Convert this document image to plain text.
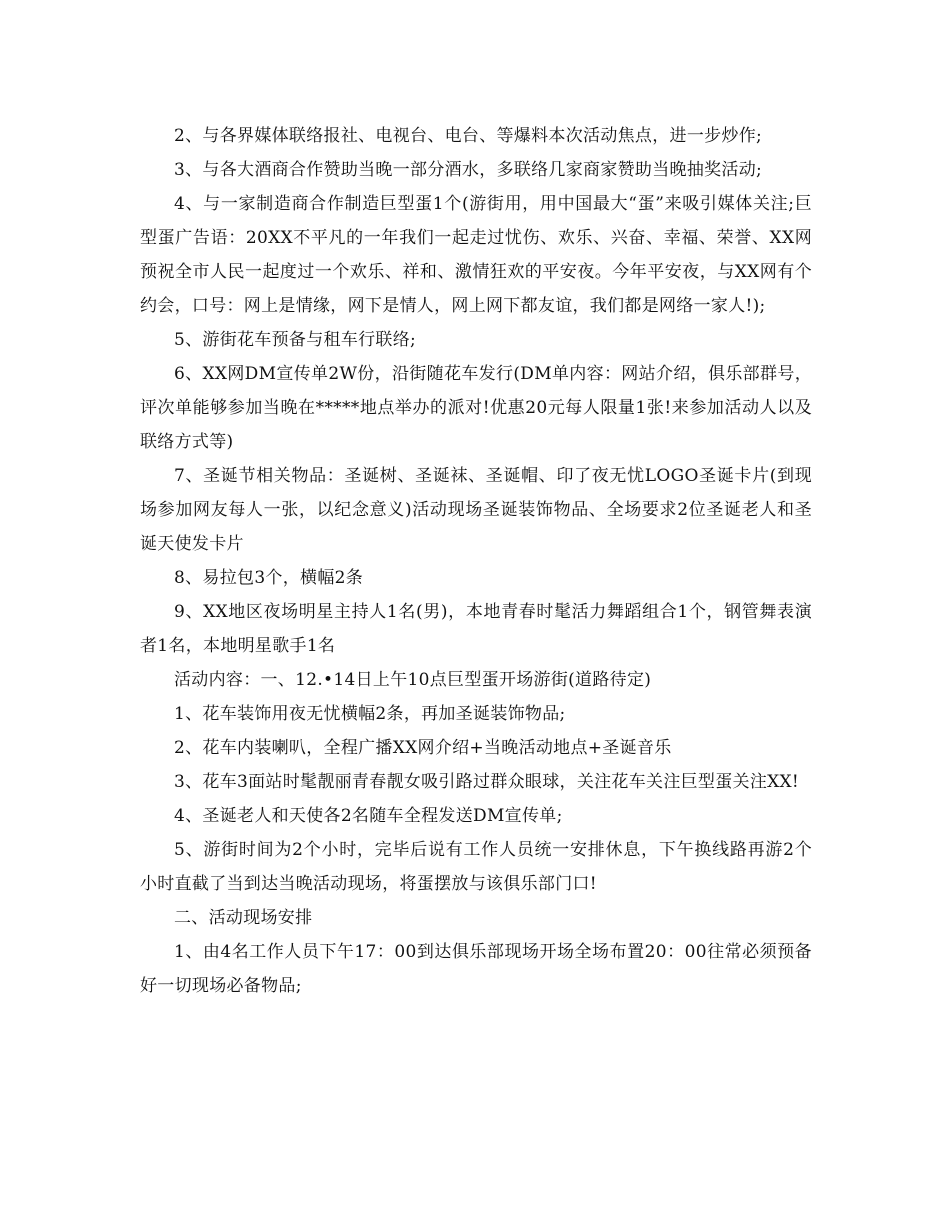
2、与各界媒体联络报社、电视台、电台、等爆料本次活动焦点，进一步炒作;

3、与各大酒商合作赞助当晚一部分酒水，多联络几家商家赞助当晚抽奖活动;

4、与一家制造商合作制造巨型蛋1个(游街用，用中国最大“蛋”来吸引媒体关注;巨型蛋广告语：20XX不平凡的一年我们一起走过忧伤、欢乐、兴奋、幸福、荣誉、XX网预祝全市人民一起度过一个欢乐、祥和、激情狂欢的平安夜。今年平安夜，与XX网有个约会，口号：网上是情缘，网下是情人，网上网下都友谊，我们都是网络一家人!);

5、游街花车预备与租车行联络;

6、XX网DM宣传单2W份，沿街随花车发行(DM单内容：网站介绍，俱乐部群号，评次单能够参加当晚在*****地点举办的派对!优惠20元每人限量1张!来参加活动人以及联络方式等)

7、圣诞节相关物品：圣诞树、圣诞袜、圣诞帽、印了夜无忧LOGO圣诞卡片(到现场参加网友每人一张，以纪念意义)活动现场圣诞装饰物品、全场要求2位圣诞老人和圣诞天使发卡片

8、易拉包3个，横幅2条

9、XX地区夜场明星主持人1名(男)，本地青春时髦活力舞蹈组合1个，钢管舞表演者1名，本地明星歌手1名

活动内容：一、12.•14日上午10点巨型蛋开场游街(道路待定)

1、花车装饰用夜无忧横幅2条，再加圣诞装饰物品;

2、花车内装喇叭，全程广播XX网介绍+当晚活动地点+圣诞音乐

3、花车3面站时髦靓丽青春靓女吸引路过群众眼球，关注花车关注巨型蛋关注XX!

4、圣诞老人和天使各2名随车全程发送DM宣传单;

5、游街时间为2个小时，完毕后说有工作人员统一安排休息，下午换线路再游2个小时直截了当到达当晚活动现场，将蛋摆放与该俱乐部门口!

二、活动现场安排

1、由4名工作人员下午17：00到达俱乐部现场开场全场布置20：00往常必须预备好一切现场必备物品;
